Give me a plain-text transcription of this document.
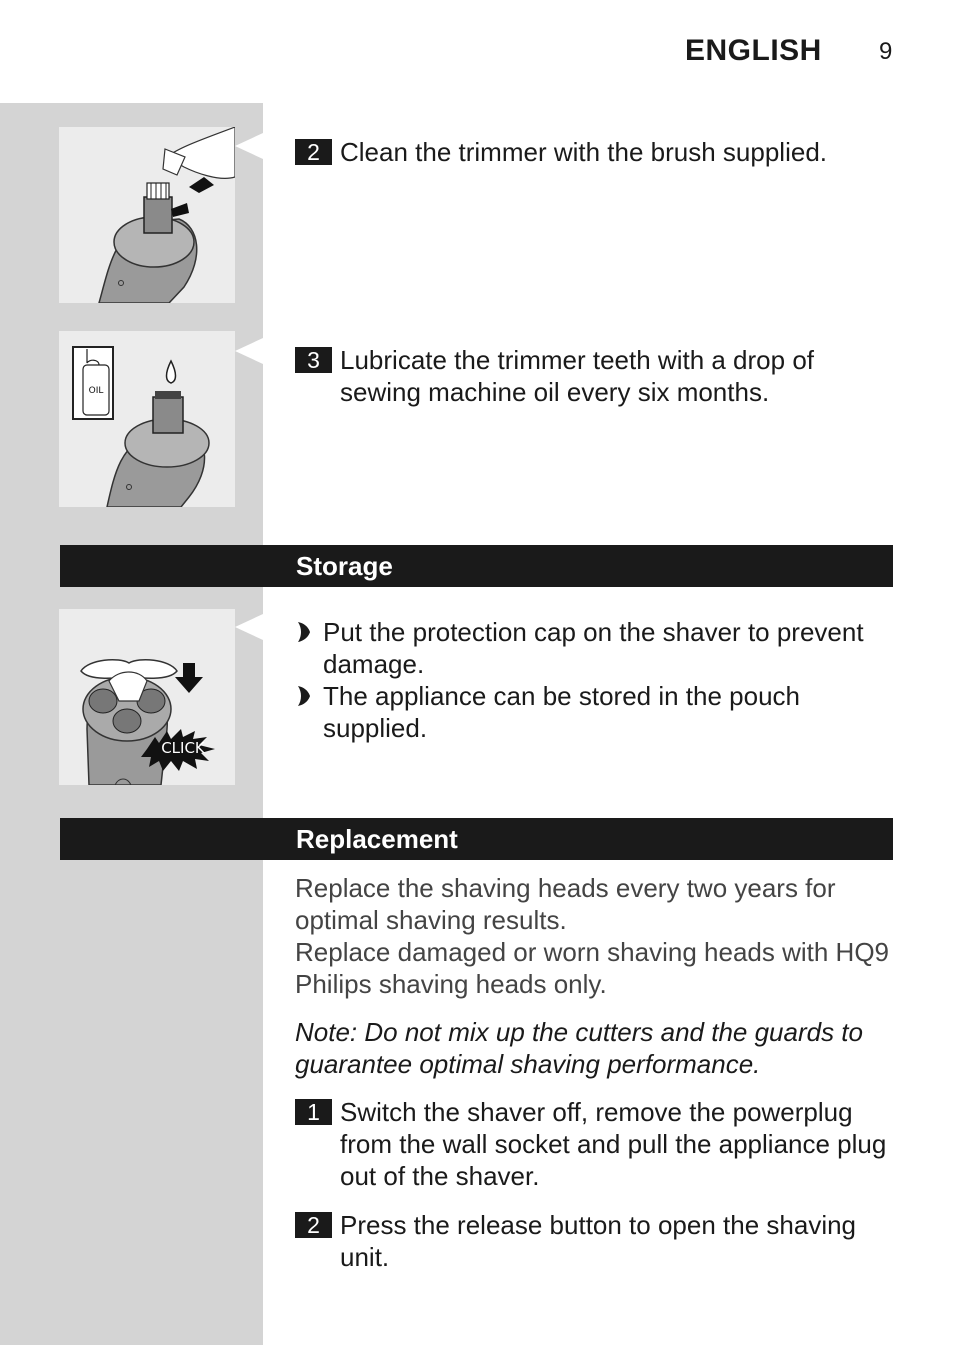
ENGLISH 9
2 Clean the trimmer with the brush supplied.
OIL
3 Lubricate the trimmer teeth with a drop of
sewing machine oil every six months.
Storage
CLICK
Put the protection cap on the shaver to prevent
damage.
The appliance can be stored in the pouch
supplied.
Replacement
Replace the shaving heads every two years for
optimal shaving results.
Replace damaged or worn shaving heads with HQ9
Philips shaving heads only.
Note: Do not mix up the cutters and the guards to
guarantee optimal shaving performance.
1 Switch the shaver off, remove the powerplug
from the wall socket and pull the appliance plug
out of the shaver.
2 Press the release button to open the shaving
unit.
